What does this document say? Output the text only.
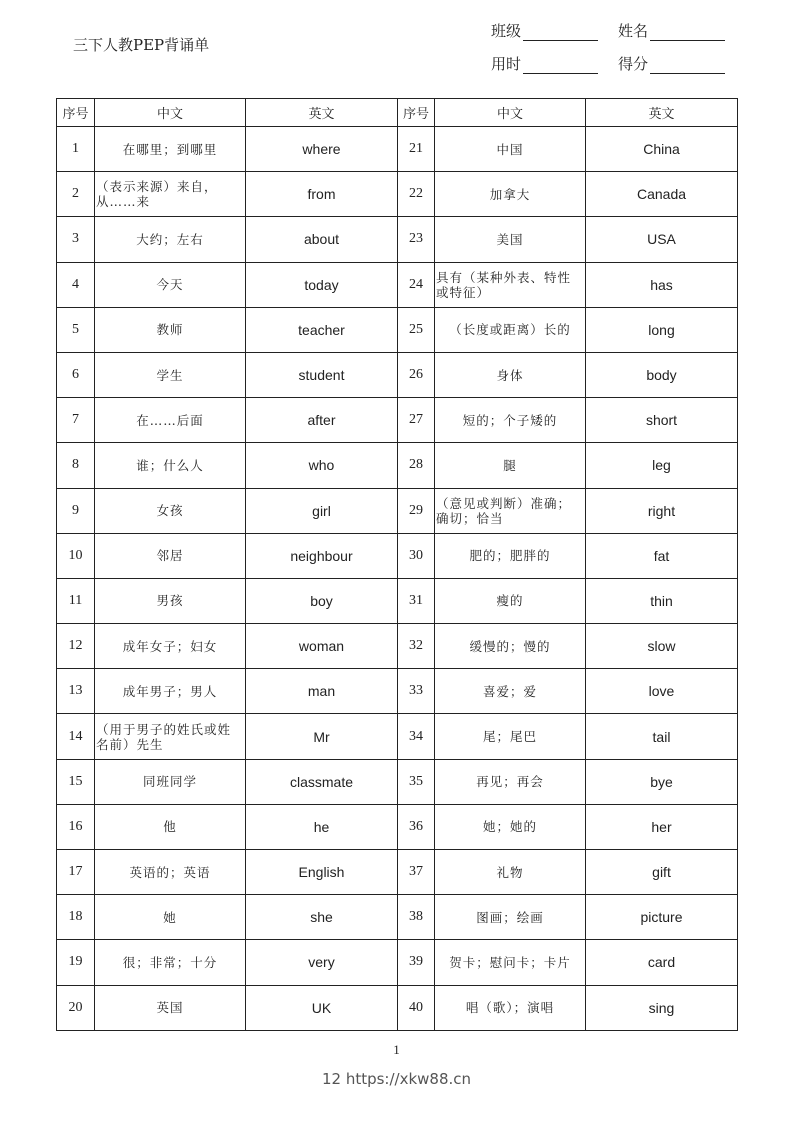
三下人教PEP背诵单
班级	姓名
用时	得分
序号	中文	英文	序号	中文	英文
1	在哪里；到哪里	where	21	中国	China
2	（表示来源）来自，从……来	from	22	加拿大	Canada
3	大约；左右	about	23	美国	USA
4	今天	today	24	具有（某种外表、特性或特征）	has
5	教师	teacher	25	（长度或距离）长的	long
6	学生	student	26	身体	body
7	在……后面	after	27	短的；个子矮的	short
8	谁；什么人	who	28	腿	leg
9	女孩	girl	29	（意见或判断）准确；确切；恰当	right
10	邻居	neighbour	30	肥的；肥胖的	fat
11	男孩	boy	31	瘦的	thin
12	成年女子；妇女	woman	32	缓慢的；慢的	slow
13	成年男子；男人	man	33	喜爱；爱	love
14	（用于男子的姓氏或姓名前）先生	Mr	34	尾；尾巴	tail
15	同班同学	classmate	35	再见；再会	bye
16	他	he	36	她；她的	her
17	英语的；英语	English	37	礼物	gift
18	她	she	38	图画；绘画	picture
19	很；非常；十分	very	39	贺卡；慰问卡；卡片	card
20	英国	UK	40	唱（歌）；演唱	sing
1
12 https://xkw88.cn
